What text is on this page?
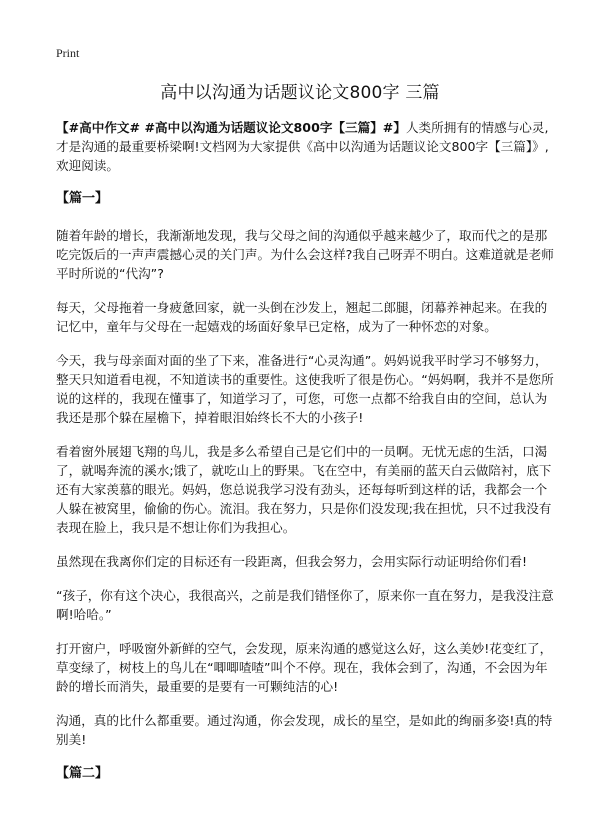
Print
高中以沟通为话题议论文800字 三篇

【#高中作文# #高中以沟通为话题议论文800字【三篇】#】人类所拥有的情感与心灵,才是沟通的最重要桥梁啊!文档网为大家提供《高中以沟通为话题议论文800字【三篇】》,欢迎阅读。

【篇一】

随着年龄的增长，我渐渐地发现，我与父母之间的沟通似乎越来越少了，取而代之的是那吃完饭后的一声声震撼心灵的关门声。为什么会这样?我自己呀弄不明白。这难道就是老师平时所说的“代沟”?

每天，父母拖着一身疲惫回家，就一头倒在沙发上，翘起二郎腿，闭幕养神起来。在我的记忆中，童年与父母在一起嬉戏的场面好象早已定格，成为了一种怀恋的对象。

今天，我与母亲面对面的坐了下来，准备进行“心灵沟通”。妈妈说我平时学习不够努力，整天只知道看电视，不知道读书的重要性。这使我听了很是伤心。“妈妈啊，我并不是您所说的这样的，我现在懂事了，知道学习了，可您，可您一点都不给我自由的空间，总认为我还是那个躲在屋檐下，掉着眼泪始终长不大的小孩子!

看着窗外展翅飞翔的鸟儿，我是多么希望自己是它们中的一员啊。无忧无虑的生活，口渴了，就喝奔流的溪水;饿了，就吃山上的野果。飞在空中，有美丽的蓝天白云做陪衬，底下还有大家羡慕的眼光。妈妈，您总说我学习没有劲头，还每每听到这样的话，我都会一个人躲在被窝里，偷偷的伤心。流泪。我在努力，只是你们没发现;我在担忧，只不过我没有表现在脸上，我只是不想让你们为我担心。

虽然现在我离你们定的目标还有一段距离，但我会努力，会用实际行动证明给你们看!

“孩子，你有这个决心，我很高兴，之前是我们错怪你了，原来你一直在努力，是我没注意啊!哈哈。”

打开窗户，呼吸窗外新鲜的空气，会发现，原来沟通的感觉这么好，这么美妙!花变红了，草变绿了，树枝上的鸟儿在“唧唧喳喳”叫个不停。现在，我体会到了，沟通，不会因为年龄的增长而消失，最重要的是要有一可颗纯洁的心!

沟通，真的比什么都重要。通过沟通，你会发现，成长的星空，是如此的绚丽多姿!真的特别美!

【篇二】
